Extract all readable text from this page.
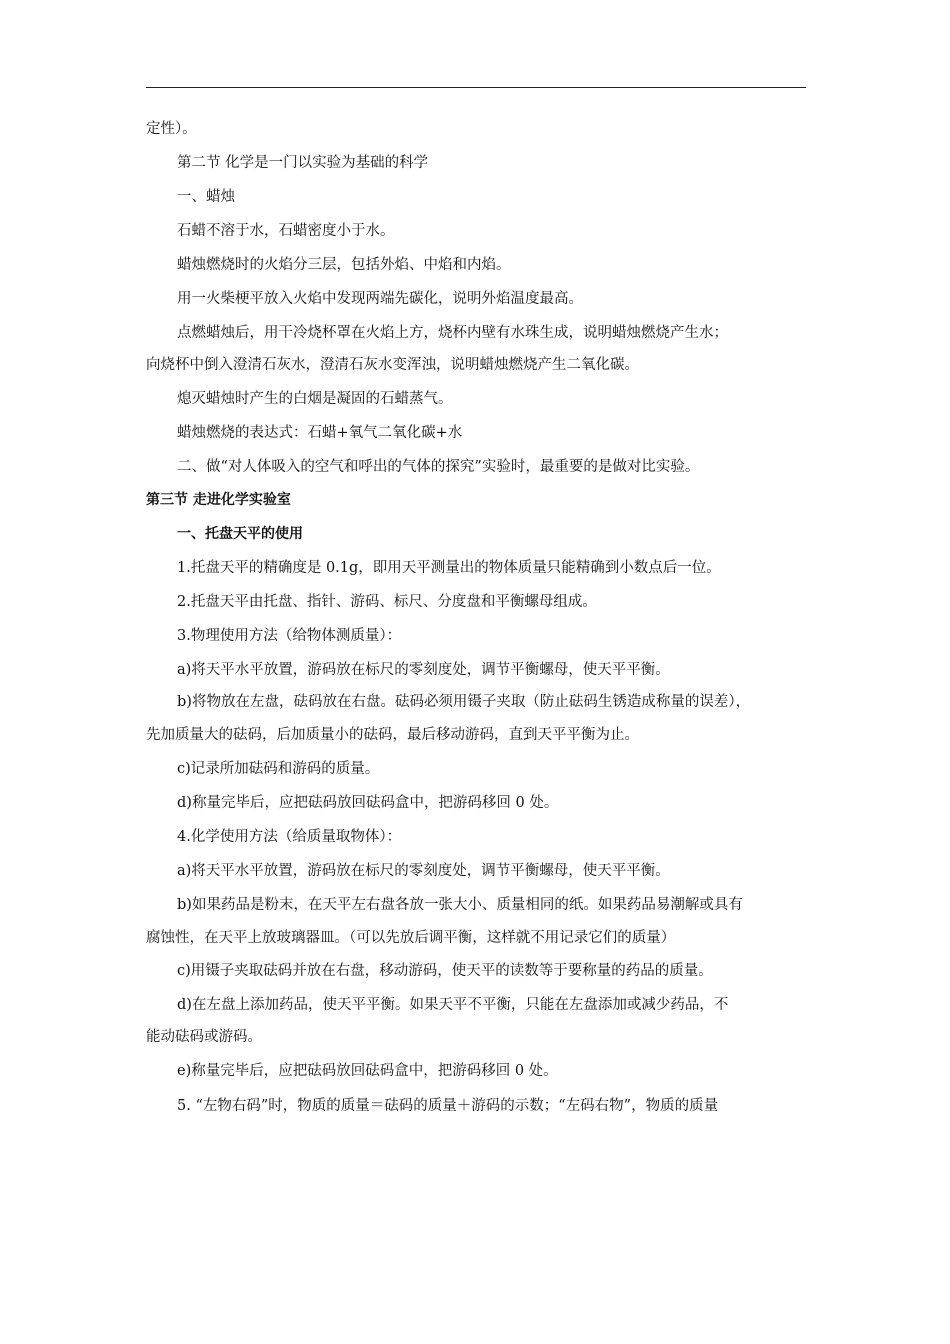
定性）。
第二节 化学是一门以实验为基础的科学
一、蜡烛
石蜡不溶于水，石蜡密度小于水。
蜡烛燃烧时的火焰分三层，包括外焰、中焰和内焰。
用一火柴梗平放入火焰中发现两端先碳化，说明外焰温度最高。
点燃蜡烛后，用干冷烧杯罩在火焰上方，烧杯内壁有水珠生成，说明蜡烛燃烧产生水；
向烧杯中倒入澄清石灰水，澄清石灰水变浑浊，说明蜡烛燃烧产生二氧化碳。
熄灭蜡烛时产生的白烟是凝固的石蜡蒸气。
蜡烛燃烧的表达式：石蜡+氧气二氧化碳+水
二、做“对人体吸入的空气和呼出的气体的探究”实验时，最重要的是做对比实验。
第三节 走进化学实验室
一、托盘天平的使用
1.托盘天平的精确度是 0.1g，即用天平测量出的物体质量只能精确到小数点后一位。
2.托盘天平由托盘、指针、游码、标尺、分度盘和平衡螺母组成。
3.物理使用方法（给物体测质量）：
a)将天平水平放置，游码放在标尺的零刻度处，调节平衡螺母，使天平平衡。
b)将物放在左盘，砝码放在右盘。砝码必须用镊子夹取（防止砝码生锈造成称量的误差），
先加质量大的砝码，后加质量小的砝码，最后移动游码，直到天平平衡为止。
c)记录所加砝码和游码的质量。
d)称量完毕后，应把砝码放回砝码盒中，把游码移回 0 处。
4.化学使用方法（给质量取物体）：
a)将天平水平放置，游码放在标尺的零刻度处，调节平衡螺母，使天平平衡。
b)如果药品是粉末，在天平左右盘各放一张大小、质量相同的纸。如果药品易潮解或具有
腐蚀性，在天平上放玻璃器皿。（可以先放后调平衡，这样就不用记录它们的质量）
c)用镊子夹取砝码并放在右盘，移动游码，使天平的读数等于要称量的药品的质量。
d)在左盘上添加药品，使天平平衡。如果天平不平衡，只能在左盘添加或减少药品，不
能动砝码或游码。
e)称量完毕后，应把砝码放回砝码盒中，把游码移回 0 处。
5. “左物右码”时，物质的质量＝砝码的质量＋游码的示数；“左码右物”，物质的质量
